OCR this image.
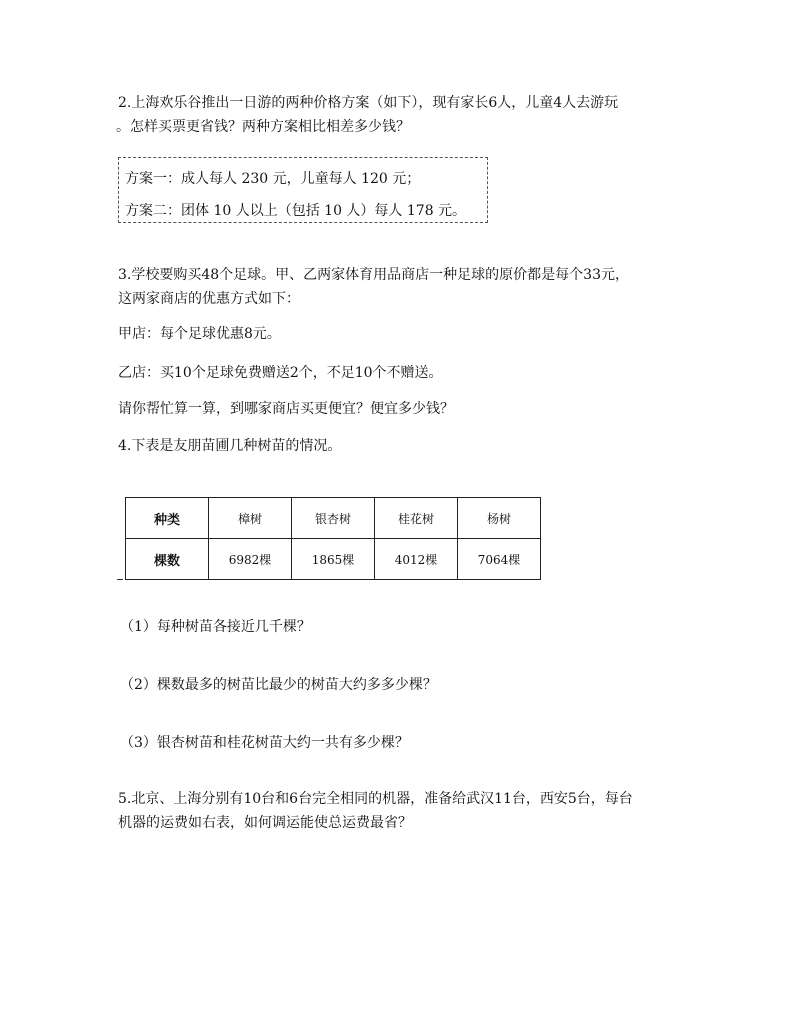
2.上海欢乐谷推出一日游的两种价格方案（如下），现有家长6人，儿童4人去游玩
。怎样买票更省钱？两种方案相比相差多少钱？
方案一：成人每人 230 元，儿童每人 120 元；
方案二：团体 10 人以上（包括 10 人）每人 178 元。
3.学校要购买48个足球。甲、乙两家体育用品商店一种足球的原价都是每个33元，
这两家商店的优惠方式如下：
甲店：每个足球优惠8元。
乙店：买10个足球免费赠送2个，不足10个不赠送。
请你帮忙算一算，到哪家商店买更便宜？便宜多少钱？
4.下表是友朋苗圃几种树苗的情况。
种类	樟树	银杏树	桂花树	杨树
棵数	6982棵	1865棵	4012棵	7064棵
（1）每种树苗各接近几千棵？
（2）棵数最多的树苗比最少的树苗大约多多少棵？
（3）银杏树苗和桂花树苗大约一共有多少棵？
5.北京、上海分别有10台和6台完全相同的机器，准备给武汉11台，西安5台，每台
机器的运费如右表，如何调运能使总运费最省？
